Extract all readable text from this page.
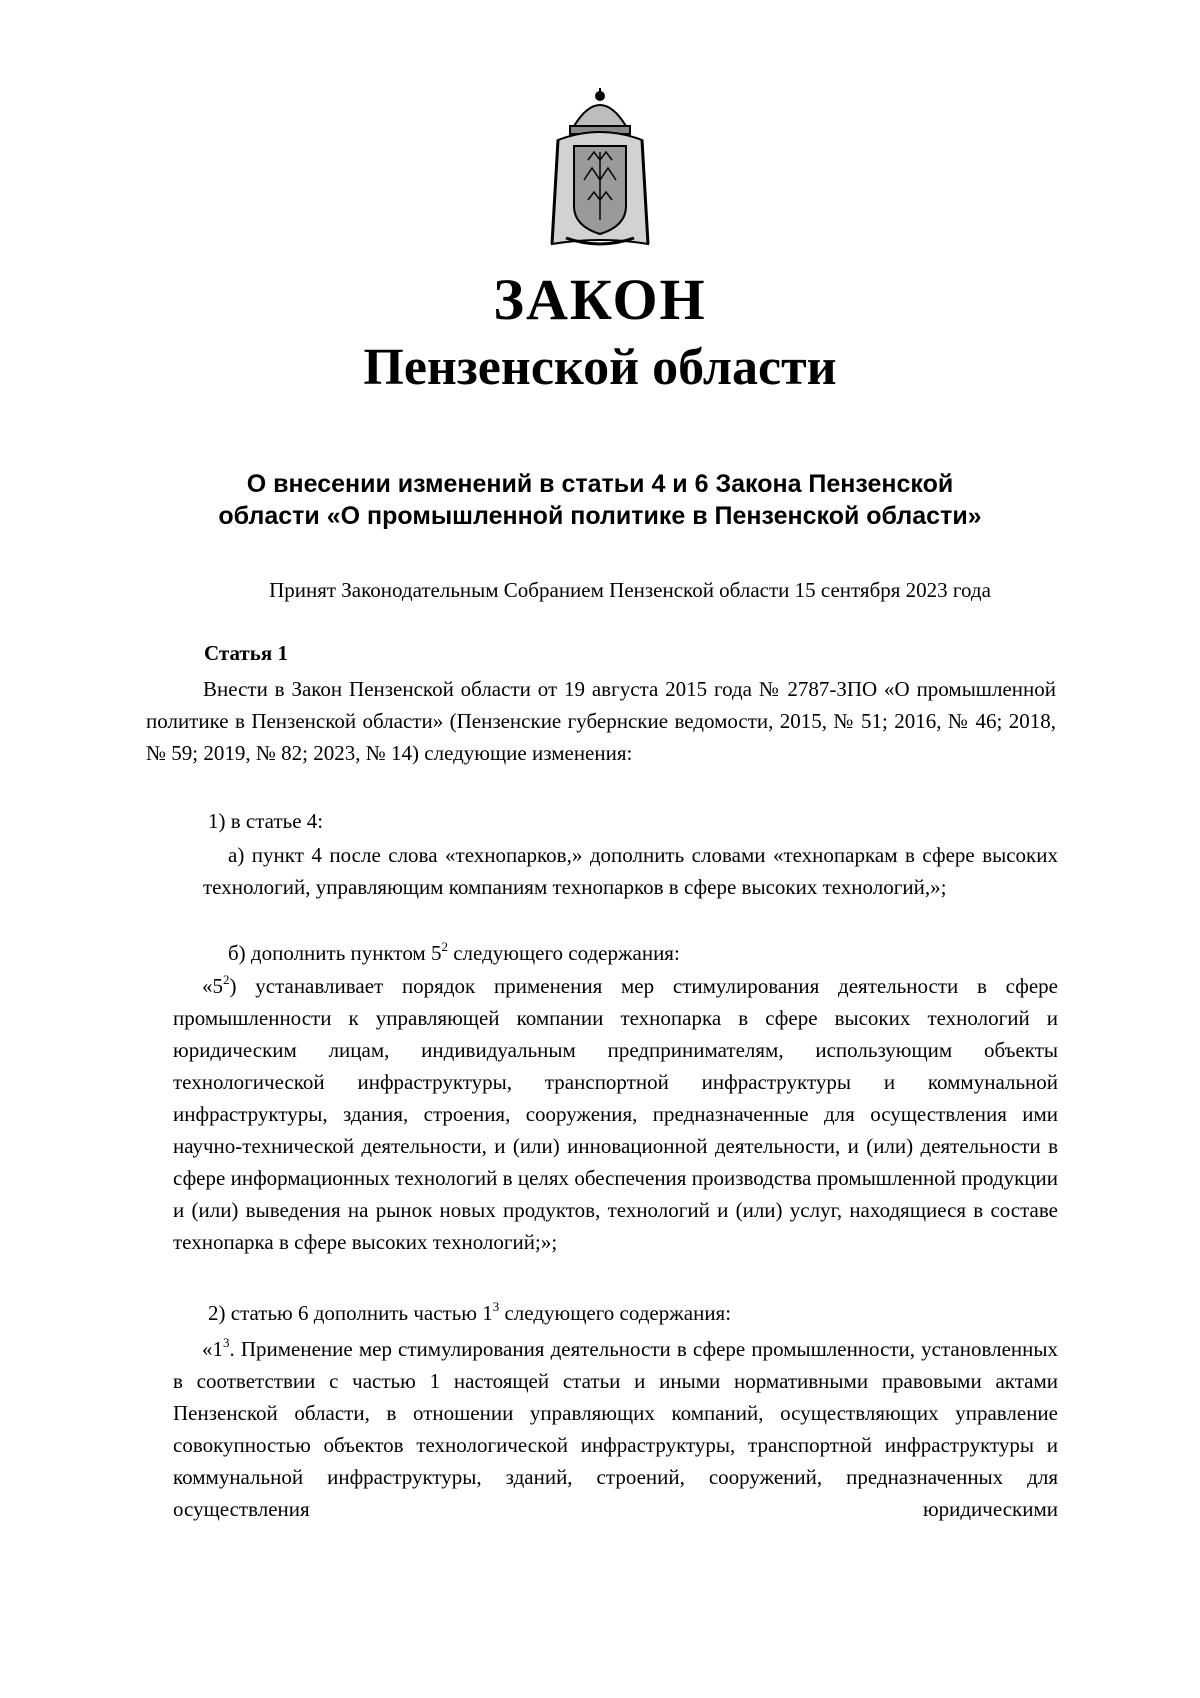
ЗАКОН
Пензенской области
О внесении изменений в статьи 4 и 6 Закона Пензенской
области «О промышленной политике в Пензенской области»
Принят Законодательным Собранием Пензенской области 15 сентября 2023 года
Статья 1
Внести в Закон Пензенской области от 19 августа 2015 года № 2787-ЗПО «О промышленной политике в Пензенской области» (Пензенские губернские ведомости, 2015, № 51; 2016, № 46; 2018, № 59; 2019, № 82; 2023, № 14) следующие изменения:
1) в статье 4:
а) пункт 4 после слова «технопарков,» дополнить словами «технопаркам в сфере высоких технологий, управляющим компаниям технопарков в сфере высоких технологий,»;
б) дополнить пунктом $5^2$ следующего содержания:
«$5^2$) устанавливает порядок применения мер стимулирования деятельности в сфере промышленности к управляющей компании технопарка в сфере высоких технологий и юридическим лицам, индивидуальным предпринимателям, использующим объекты технологической инфраструктуры, транспортной инфраструктуры и коммунальной инфраструктуры, здания, строения, сооружения, предназначенные для осуществления ими научно-технической деятельности, и (или) инновационной деятельности, и (или) деятельности в сфере информационных технологий в целях обеспечения производства промышленной продукции и (или) выведения на рынок новых продуктов, технологий и (или) услуг, находящиеся в составе технопарка в сфере высоких технологий;»;
2) статью 6 дополнить частью $1^3$ следующего содержания:
«$1^3$. Применение мер стимулирования деятельности в сфере промышленности, установленных в соответствии с частью 1 настоящей статьи и иными нормативными правовыми актами Пензенской области, в отношении управляющих компаний, осуществляющих управление совокупностью объектов технологической инфраструктуры, транспортной инфраструктуры и коммунальной инфраструктуры, зданий, строений, сооружений, предназначенных для осуществления юридическими
